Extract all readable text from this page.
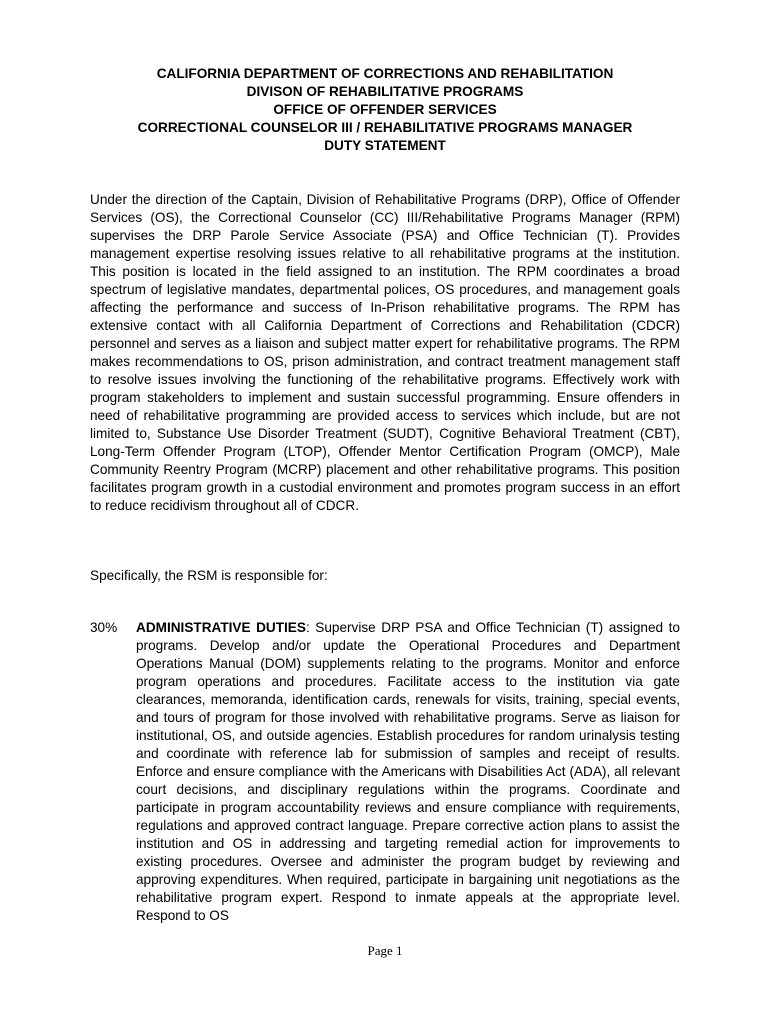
CALIFORNIA DEPARTMENT OF CORRECTIONS AND REHABILITATION
DIVISON OF REHABILITATIVE PROGRAMS
OFFICE OF OFFENDER SERVICES
CORRECTIONAL COUNSELOR III / REHABILITATIVE PROGRAMS MANAGER
DUTY STATEMENT
Under the direction of the Captain, Division of Rehabilitative Programs (DRP), Office of Offender Services (OS), the Correctional Counselor (CC) III/Rehabilitative Programs Manager (RPM) supervises the DRP Parole Service Associate (PSA) and Office Technician (T). Provides management expertise resolving issues relative to all rehabilitative programs at the institution. This position is located in the field assigned to an institution. The RPM coordinates a broad spectrum of legislative mandates, departmental polices, OS procedures, and management goals affecting the performance and success of In-Prison rehabilitative programs. The RPM has extensive contact with all California Department of Corrections and Rehabilitation (CDCR) personnel and serves as a liaison and subject matter expert for rehabilitative programs. The RPM makes recommendations to OS, prison administration, and contract treatment management staff to resolve issues involving the functioning of the rehabilitative programs. Effectively work with program stakeholders to implement and sustain successful programming. Ensure offenders in need of rehabilitative programming are provided access to services which include, but are not limited to, Substance Use Disorder Treatment (SUDT), Cognitive Behavioral Treatment (CBT), Long-Term Offender Program (LTOP), Offender Mentor Certification Program (OMCP), Male Community Reentry Program (MCRP) placement and other rehabilitative programs. This position facilitates program growth in a custodial environment and promotes program success in an effort to reduce recidivism throughout all of CDCR.
Specifically, the RSM is responsible for:
30% ADMINISTRATIVE DUTIES: Supervise DRP PSA and Office Technician (T) assigned to programs. Develop and/or update the Operational Procedures and Department Operations Manual (DOM) supplements relating to the programs. Monitor and enforce program operations and procedures. Facilitate access to the institution via gate clearances, memoranda, identification cards, renewals for visits, training, special events, and tours of program for those involved with rehabilitative programs. Serve as liaison for institutional, OS, and outside agencies. Establish procedures for random urinalysis testing and coordinate with reference lab for submission of samples and receipt of results. Enforce and ensure compliance with the Americans with Disabilities Act (ADA), all relevant court decisions, and disciplinary regulations within the programs. Coordinate and participate in program accountability reviews and ensure compliance with requirements, regulations and approved contract language. Prepare corrective action plans to assist the institution and OS in addressing and targeting remedial action for improvements to existing procedures. Oversee and administer the program budget by reviewing and approving expenditures. When required, participate in bargaining unit negotiations as the rehabilitative program expert. Respond to inmate appeals at the appropriate level. Respond to OS
Page 1
